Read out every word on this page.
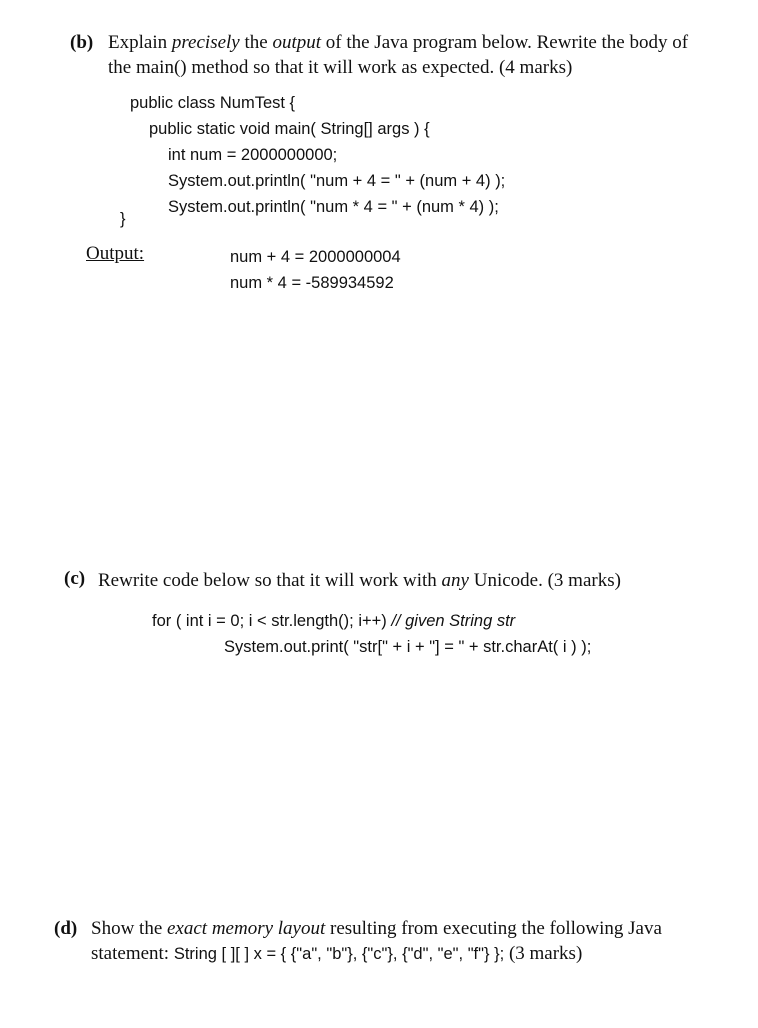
(b) Explain precisely the output of the Java program below. Rewrite the body of
the main() method so that it will work as expected. (4 marks)
public class NumTest {
public static void main( String[] args ) {
int num = 2000000000;
System.out.println( "num + 4 = " + (num + 4) );
System.out.println( "num * 4 = " + (num * 4) );
}
Output:	num + 4 = 2000000004
num * 4 = -589934592
(c) Rewrite code below so that it will work with any Unicode. (3 marks)
for ( int i = 0; i < str.length(); i++) // given String str
System.out.print( "str[" + i + "] = " + str.charAt( i ) );
(d) Show the exact memory layout resulting from executing the following Java
statement: String [ ][ ] x = { {"a", "b"}, {"c"}, {"d", "e", "f"} }; (3 marks)
